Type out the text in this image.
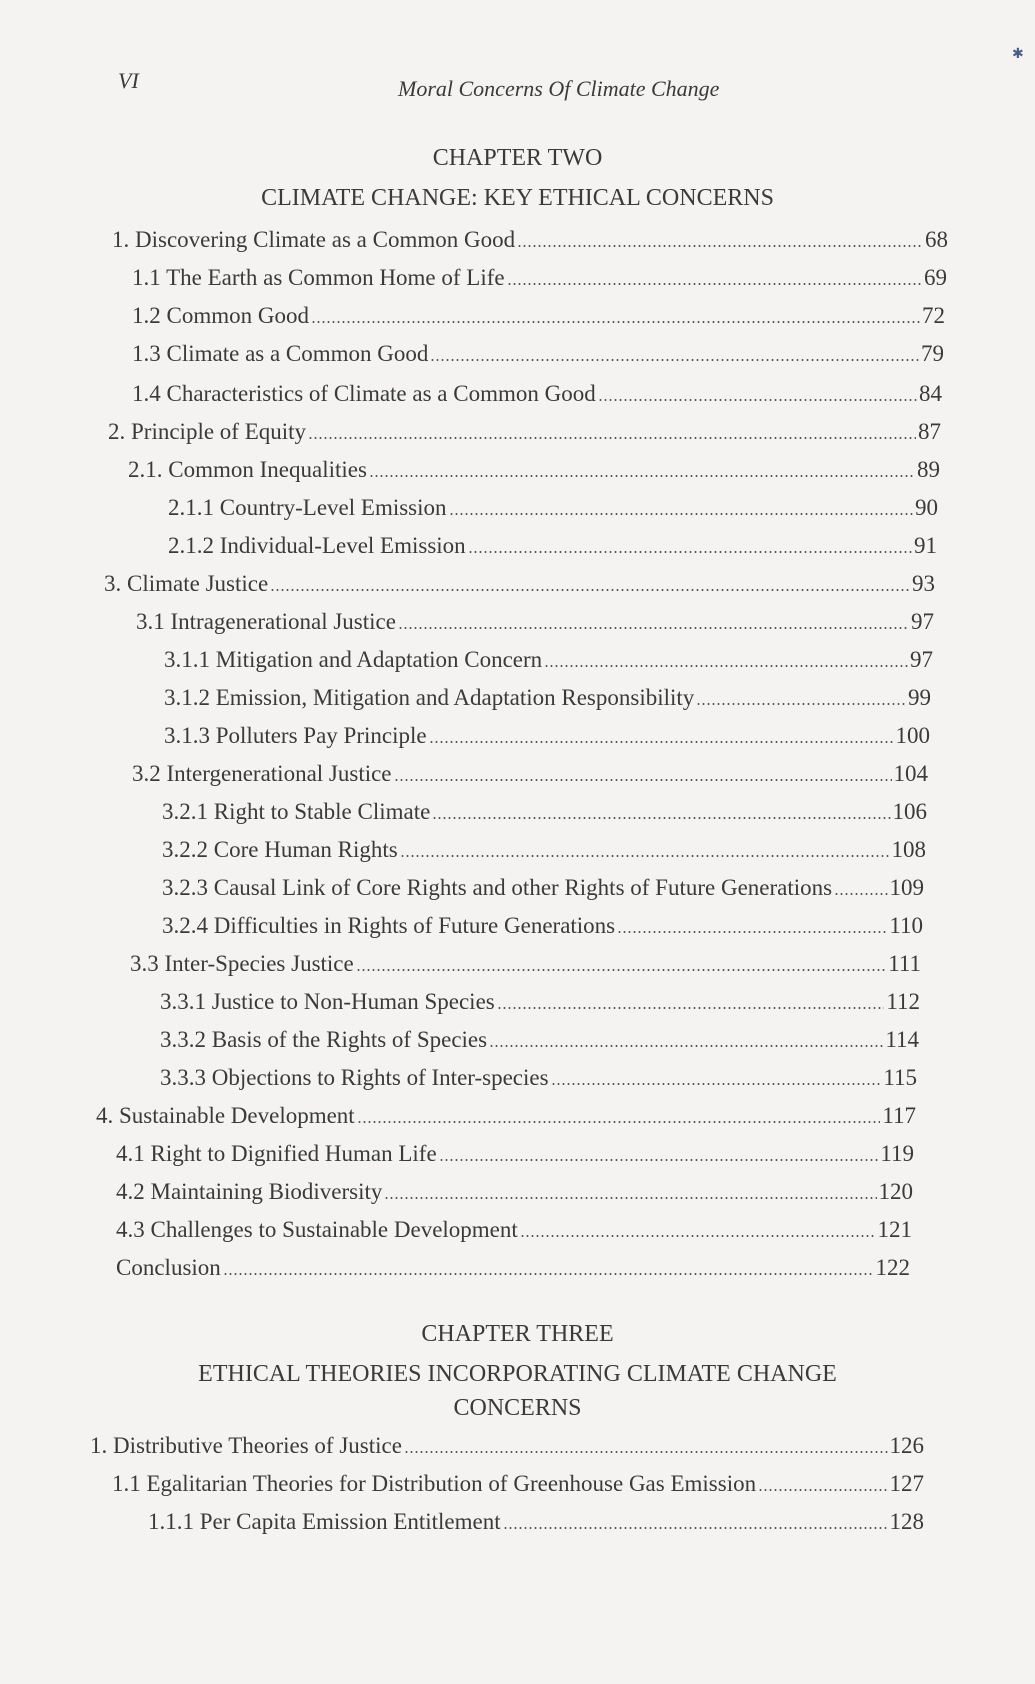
✱
VI	Moral Concerns Of Climate Change
CHAPTER TWO
CLIMATE CHANGE: KEY ETHICAL CONCERNS
1. Discovering Climate as a Common Good	68
1.1 The Earth as Common Home of Life	69
1.2 Common Good	72
1.3 Climate as a Common Good	79
1.4 Characteristics of Climate as a Common Good	84
2. Principle of Equity	87
2.1. Common Inequalities	89
2.1.1 Country-Level Emission	90
2.1.2 Individual-Level Emission	91
3. Climate Justice	93
3.1 Intragenerational Justice	97
3.1.1 Mitigation and Adaptation Concern	97
3.1.2 Emission, Mitigation and Adaptation Responsibility	99
3.1.3 Polluters Pay Principle	100
3.2 Intergenerational Justice	104
3.2.1 Right to Stable Climate	106
3.2.2 Core Human Rights	108
3.2.3 Causal Link of Core Rights and other Rights of Future Generations 109
3.2.4 Difficulties in Rights of Future Generations	110
3.3 Inter-Species Justice	111
3.3.1 Justice to Non-Human Species	112
3.3.2 Basis of the Rights of Species	114
3.3.3 Objections to Rights of Inter-species	115
4. Sustainable Development	117
4.1 Right to Dignified Human Life	119
4.2 Maintaining Biodiversity	120
4.3 Challenges to Sustainable Development	121
Conclusion	122
CHAPTER THREE
ETHICAL THEORIES INCORPORATING CLIMATE CHANGE
CONCERNS
1. Distributive Theories of Justice	126
1.1 Egalitarian Theories for Distribution of Greenhouse Gas Emission	127
1.1.1 Per Capita Emission Entitlement	128
